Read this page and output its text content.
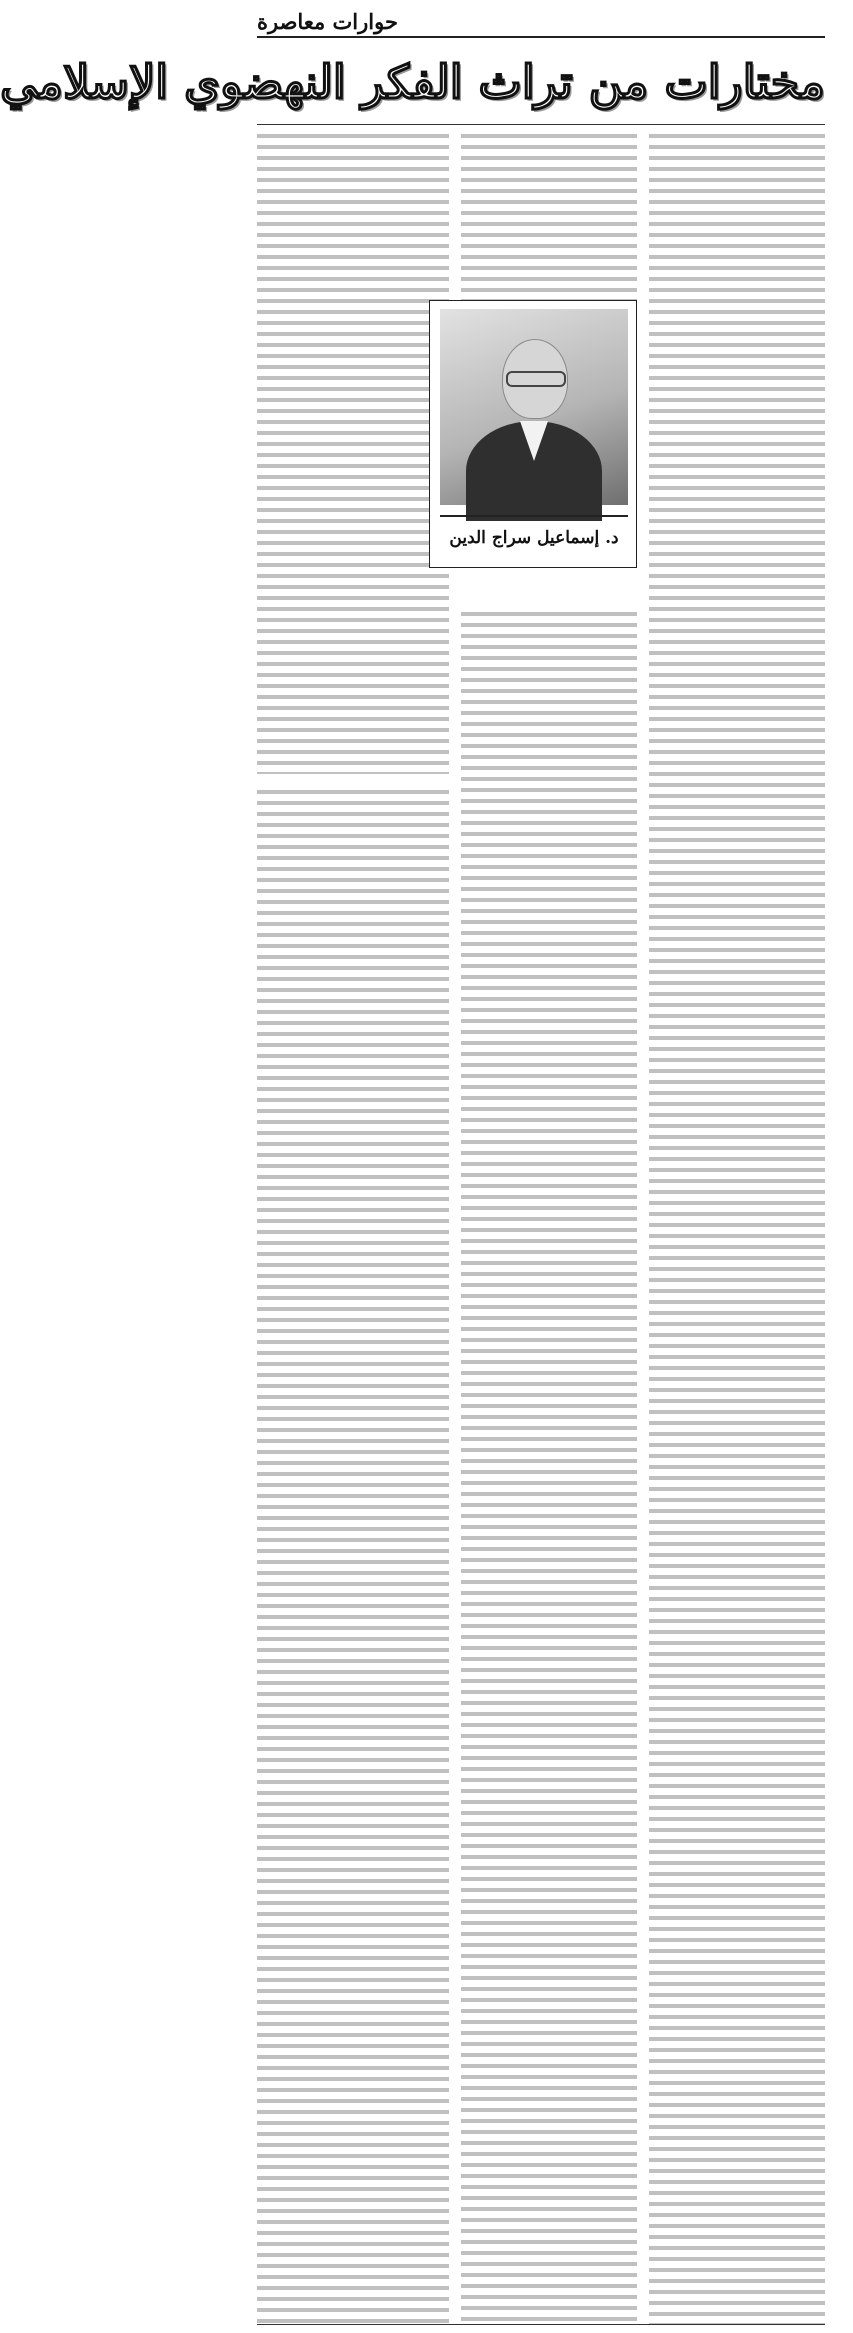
حوارات معاصرة
مختارات من تراث الفكر النهضوي الإسلامي
د. إسماعيل سراج الدين
